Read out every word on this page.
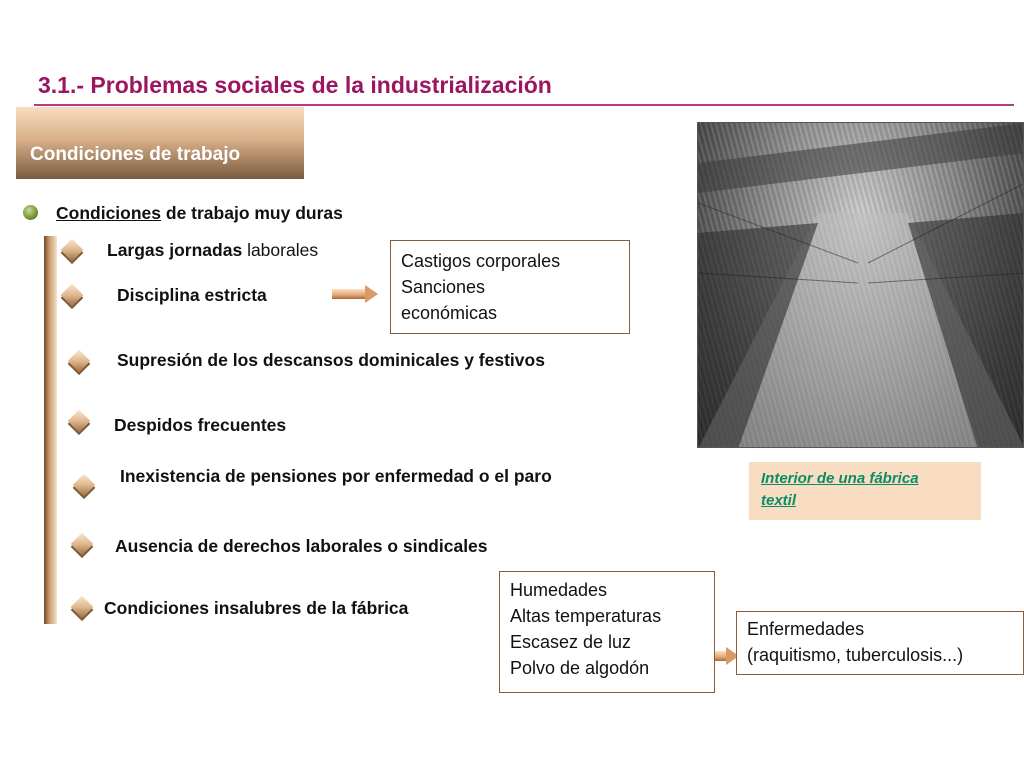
3.1.- Problemas sociales de la industrialización
Condiciones de trabajo
Condiciones de trabajo muy duras
Largas jornadas laborales
Disciplina estricta
Supresión de los descansos dominicales y festivos
Despidos frecuentes
Inexistencia de pensiones por enfermedad o el paro
Ausencia de derechos laborales o sindicales
Condiciones insalubres de la fábrica
Castigos corporales
Sanciones
económicas
Humedades
Altas temperaturas
Escasez de luz
Polvo de algodón
Enfermedades
(raquitismo, tuberculosis...)
Interior de una fábrica
textil
